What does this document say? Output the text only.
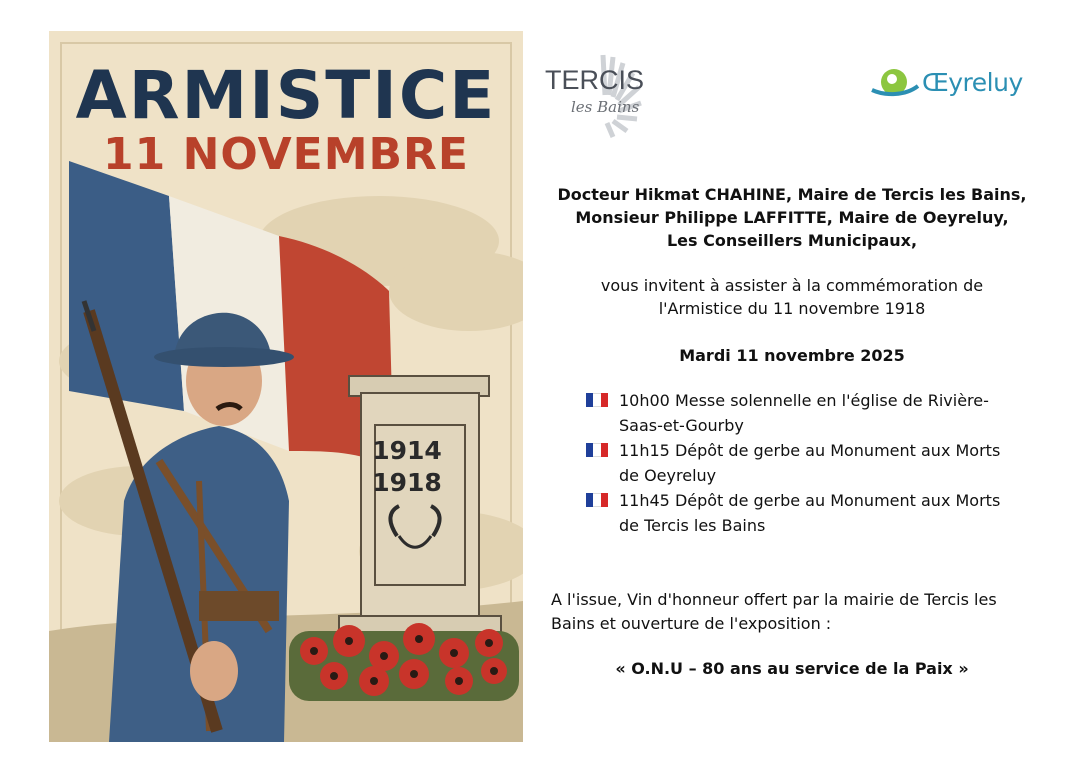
ARMISTICE
11 NOVEMBRE
1914
1918
TERCIS
les Bains
Œyreluy
Docteur Hikmat CHAHINE, Maire de Tercis les Bains,
Monsieur Philippe LAFFITTE, Maire de Oeyreluy,
Les Conseillers Municipaux,
vous invitent à assister à la commémoration de
l'Armistice du 11 novembre 1918
Mardi 11 novembre 2025
10h00 Messe solennelle en l'église de Rivière-
Saas-et-Gourby
11h15 Dépôt de gerbe au Monument aux Morts
de Oeyreluy
11h45 Dépôt de gerbe au Monument aux Morts
de Tercis les Bains
A l'issue, Vin d'honneur offert par la mairie de Tercis les
Bains et ouverture de l'exposition :
« O.N.U – 80 ans au service de la Paix »
